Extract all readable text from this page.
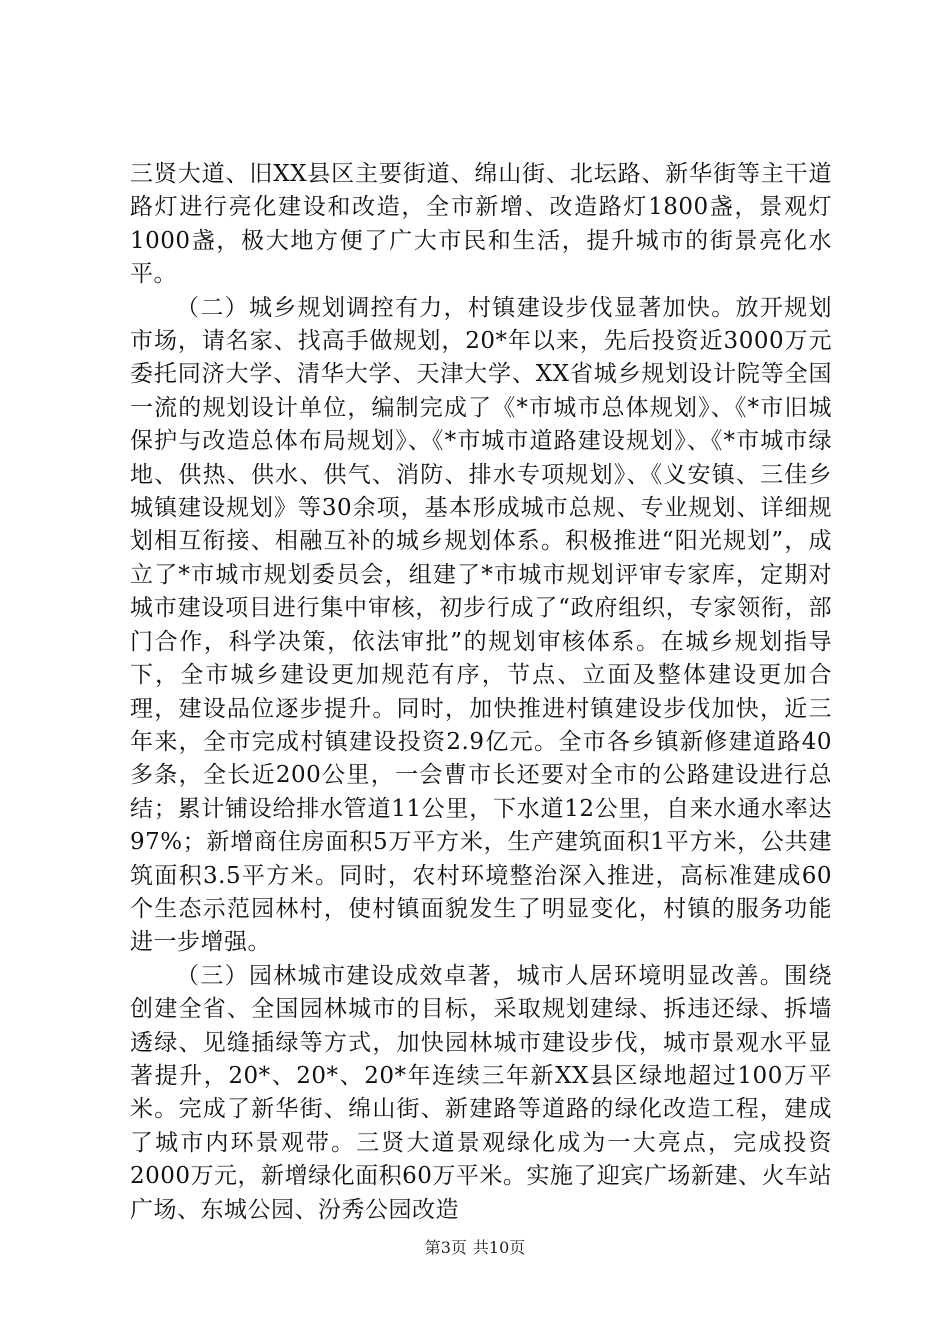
三贤大道、旧XX县区主要街道、绵山街、北坛路、新华街等主干道路灯进行亮化建设和改造，全市新增、改造路灯1800盏，景观灯1000盏，极大地方便了广大市民和生活，提升城市的街景亮化水平。

（二）城乡规划调控有力，村镇建设步伐显著加快。放开规划市场，请名家、找高手做规划，20*年以来，先后投资近3000万元委托同济大学、清华大学、天津大学、XX省城乡规划设计院等全国一流的规划设计单位，编制完成了《*市城市总体规划》、《*市旧城保护与改造总体布局规划》、《*市城市道路建设规划》、《*市城市绿地、供热、供水、供气、消防、排水专项规划》、《义安镇、三佳乡城镇建设规划》等30余项，基本形成城市总规、专业规划、详细规划相互衔接、相融互补的城乡规划体系。积极推进“阳光规划”，成立了*市城市规划委员会，组建了*市城市规划评审专家库，定期对城市建设项目进行集中审核，初步行成了“政府组织，专家领衔，部门合作，科学决策，依法审批”的规划审核体系。在城乡规划指导下，全市城乡建设更加规范有序，节点、立面及整体建设更加合理，建设品位逐步提升。同时，加快推进村镇建设步伐加快，近三年来，全市完成村镇建设投资2.9亿元。全市各乡镇新修建道路40多条，全长近200公里，一会曹市长还要对全市的公路建设进行总结；累计铺设给排水管道11公里，下水道12公里，自来水通水率达97%；新增商住房面积5万平方米，生产建筑面积1平方米，公共建筑面积3.5平方米。同时，农村环境整治深入推进，高标准建成60个生态示范园林村，使村镇面貌发生了明显变化，村镇的服务功能进一步增强。

（三）园林城市建设成效卓著，城市人居环境明显改善。围绕创建全省、全国园林城市的目标，采取规划建绿、拆违还绿、拆墙透绿、见缝插绿等方式，加快园林城市建设步伐，城市景观水平显著提升，20*、20*、20*年连续三年新XX县区绿地超过100万平米。完成了新华街、绵山街、新建路等道路的绿化改造工程，建成了城市内环景观带。三贤大道景观绿化成为一大亮点，完成投资2000万元，新增绿化面积60万平米。实施了迎宾广场新建、火车站广场、东城公园、汾秀公园改造

第3页 共10页
